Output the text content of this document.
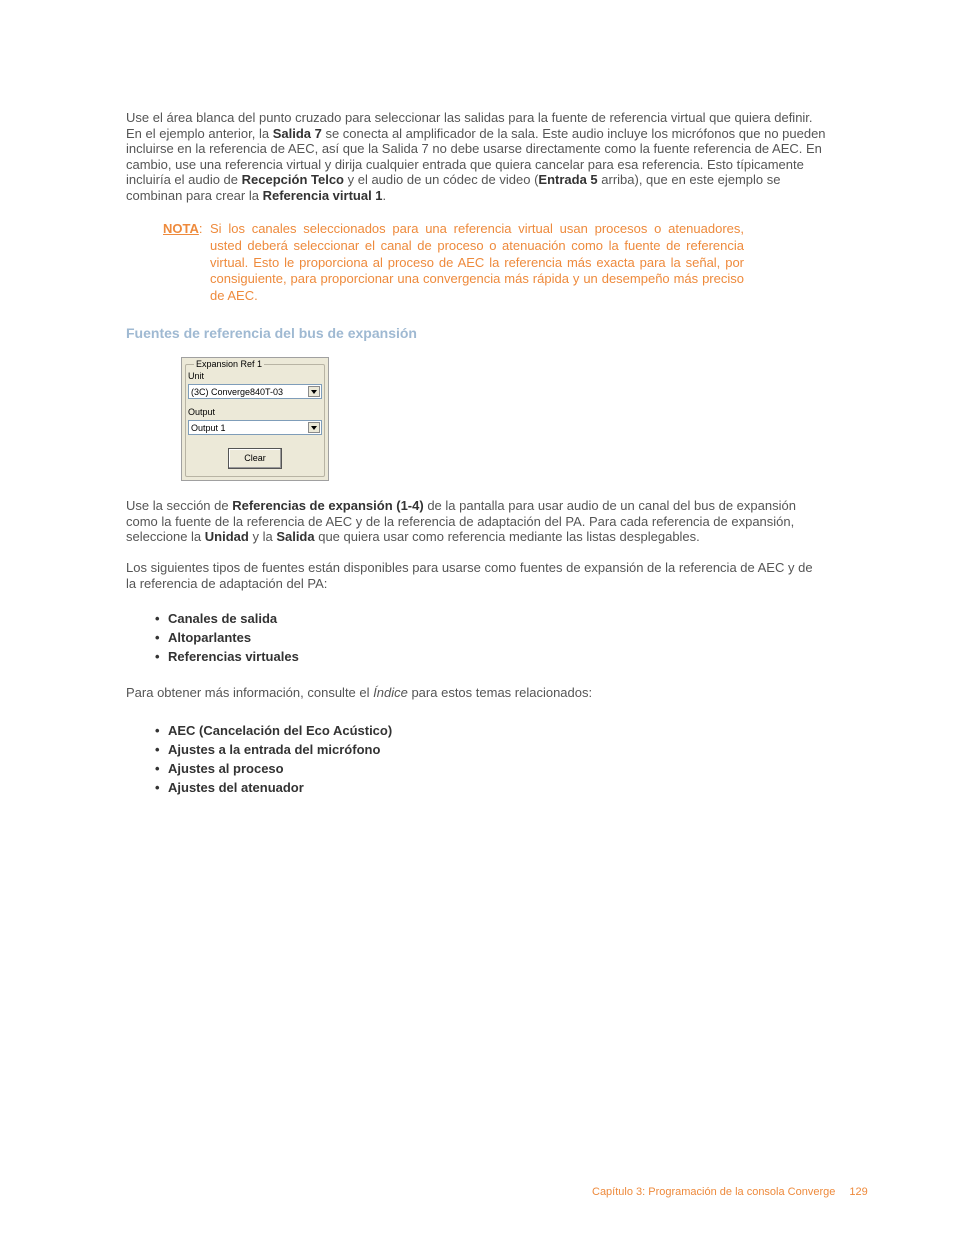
Use el área blanca del punto cruzado para seleccionar las salidas para la fuente de referencia virtual que quiera definir. En el ejemplo anterior, la Salida 7 se conecta al amplificador de la sala. Este audio incluye los micrófonos que no pueden incluirse en la referencia de AEC, así que la Salida 7 no debe usarse directamente como la fuente referencia de AEC. En cambio, use una referencia virtual y dirija cualquier entrada que quiera cancelar para esa referencia. Esto típicamente incluiría el audio de Recepción Telco y el audio de un códec de video (Entrada 5 arriba), que en este ejemplo se combinan para crear la Referencia virtual 1.

NOTA: Si los canales seleccionados para una referencia virtual usan procesos o atenuadores, usted deberá seleccionar el canal de proceso o atenuación como la fuente de referencia virtual. Esto le proporciona al proceso de AEC la referencia más exacta para la señal, por consiguiente, para proporcionar una convergencia más rápida y un desempeño más preciso de AEC.
Fuentes de referencia del bus de expansión
Expansion Ref 1
Unit
(3C) Converge840T-03
Output
Output 1
Clear

Use la sección de Referencias de expansión (1-4) de la pantalla para usar audio de un canal del bus de expansión como la fuente de la referencia de AEC y de la referencia de adaptación del PA. Para cada referencia de expansión, seleccione la Unidad y la Salida que quiera usar como referencia mediante las listas desplegables.

Los siguientes tipos de fuentes están disponibles para usarse como fuentes de expansión de la referencia de AEC y de la referencia de adaptación del PA:

• Canales de salida
• Altoparlantes
• Referencias virtuales

Para obtener más información, consulte el Índice para estos temas relacionados:

• AEC (Cancelación del Eco Acústico)
• Ajustes a la entrada del micrófono
• Ajustes al proceso
• Ajustes del atenuador
Capítulo 3: Programación de la consola Converge 129
